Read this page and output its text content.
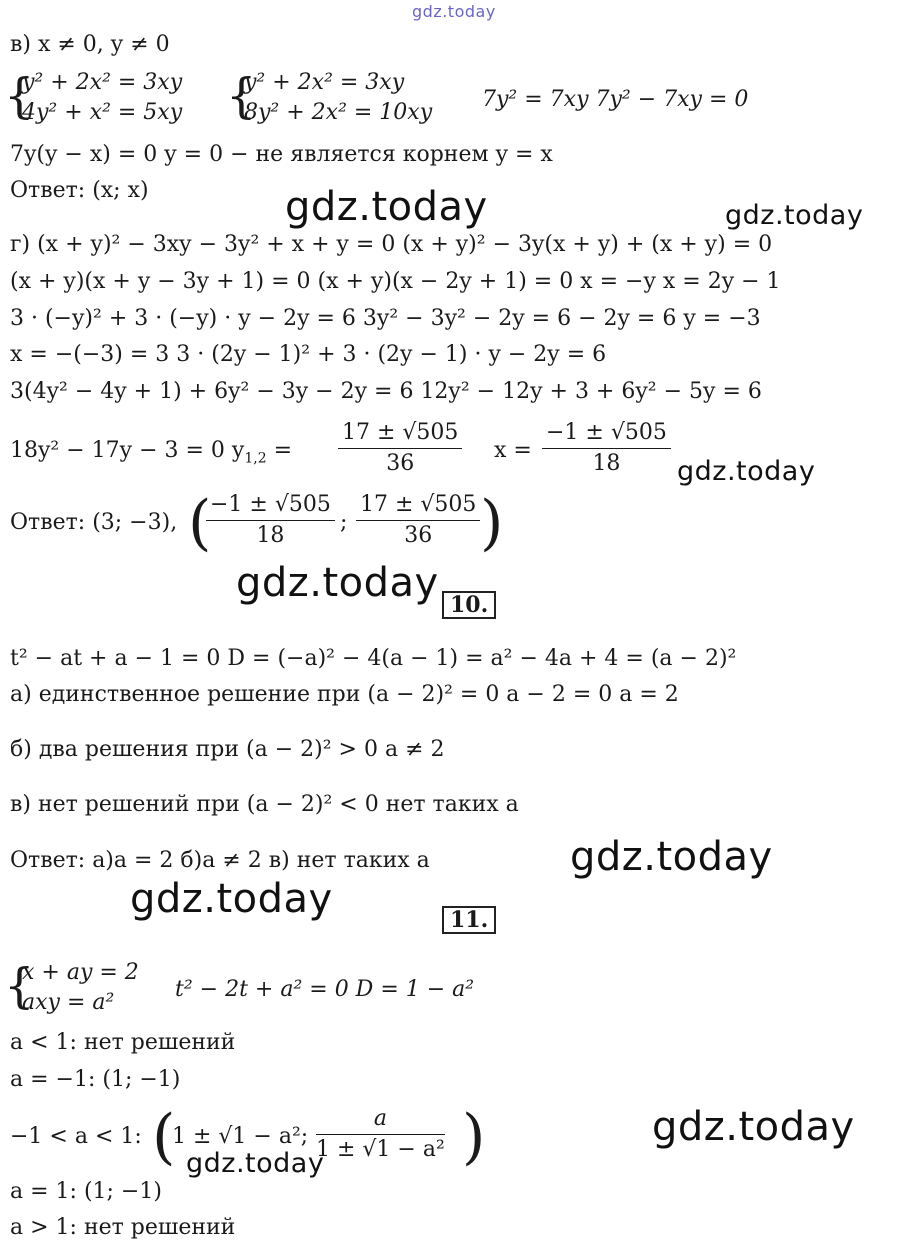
gdz.today
gdz.today	gdz.today
gdz.today
gdz.today
gdz.today
gdz.today
gdz.today
gdz.today
в) x ≠ 0, y ≠ 0
{
y² + 2x² = 3xy
4y² + x² = 5xy {
y² + 2x² = 3xy
8y² + 2x² = 10xy
7y² = 7xy 7y² − 7xy = 0
7y(y − x) = 0 y = 0 − не является корнем y = x
Ответ: (x; x)
г) (x + y)² − 3xy − 3y² + x + y = 0 (x + y)² − 3y(x + y) + (x + y) = 0
(x + y)(x + y − 3y + 1) = 0 (x + y)(x − 2y + 1) = 0 x = −y x = 2y − 1
3 · (−y)² + 3 · (−y) · y − 2y = 6 3y² − 3y² − 2y = 6 − 2y = 6 y = −3
x = −(−3) = 3 3 · (2y − 1)² + 3 · (2y − 1) · y − 2y = 6
3(4y² − 4y + 1) + 6y² − 3y − 2y = 6 12y² − 12y + 3 + 6y² − 5y = 6
18y² − 17y − 3 = 0 $y_{1,2} = \frac{17 \pm √505}{36}$ $x = \frac{-1 \pm √505}{18}$
Ответ: (3; −3), (
$\frac{-1 \pm √505}{18}$ ; $\frac{17 \pm √505}{36}$ )
10.
t² − at + a − 1 = 0 D = (−a)² − 4(a − 1) = a² − 4a + 4 = (a − 2)²
а) единственное решение при (a − 2)² = 0 a − 2 = 0 a = 2
б) два решения при (a − 2)² > 0 a ≠ 2
в) нет решений при (a − 2)² < 0 нет таких a
Ответ: а)a = 2 б)a ≠ 2 в) нет таких a
11.
{
x + ay = 2
axy = a²
t² − 2t + a² = 0 D = 1 − a²
a < 1: нет решений
a = −1: (1; −1)
−1 < a < 1: (
1 ± √1 − a²; $\frac{a}{\text{1 ± √1 − a²}}$ )
a = 1: (1; −1)
a > 1: нет решений
